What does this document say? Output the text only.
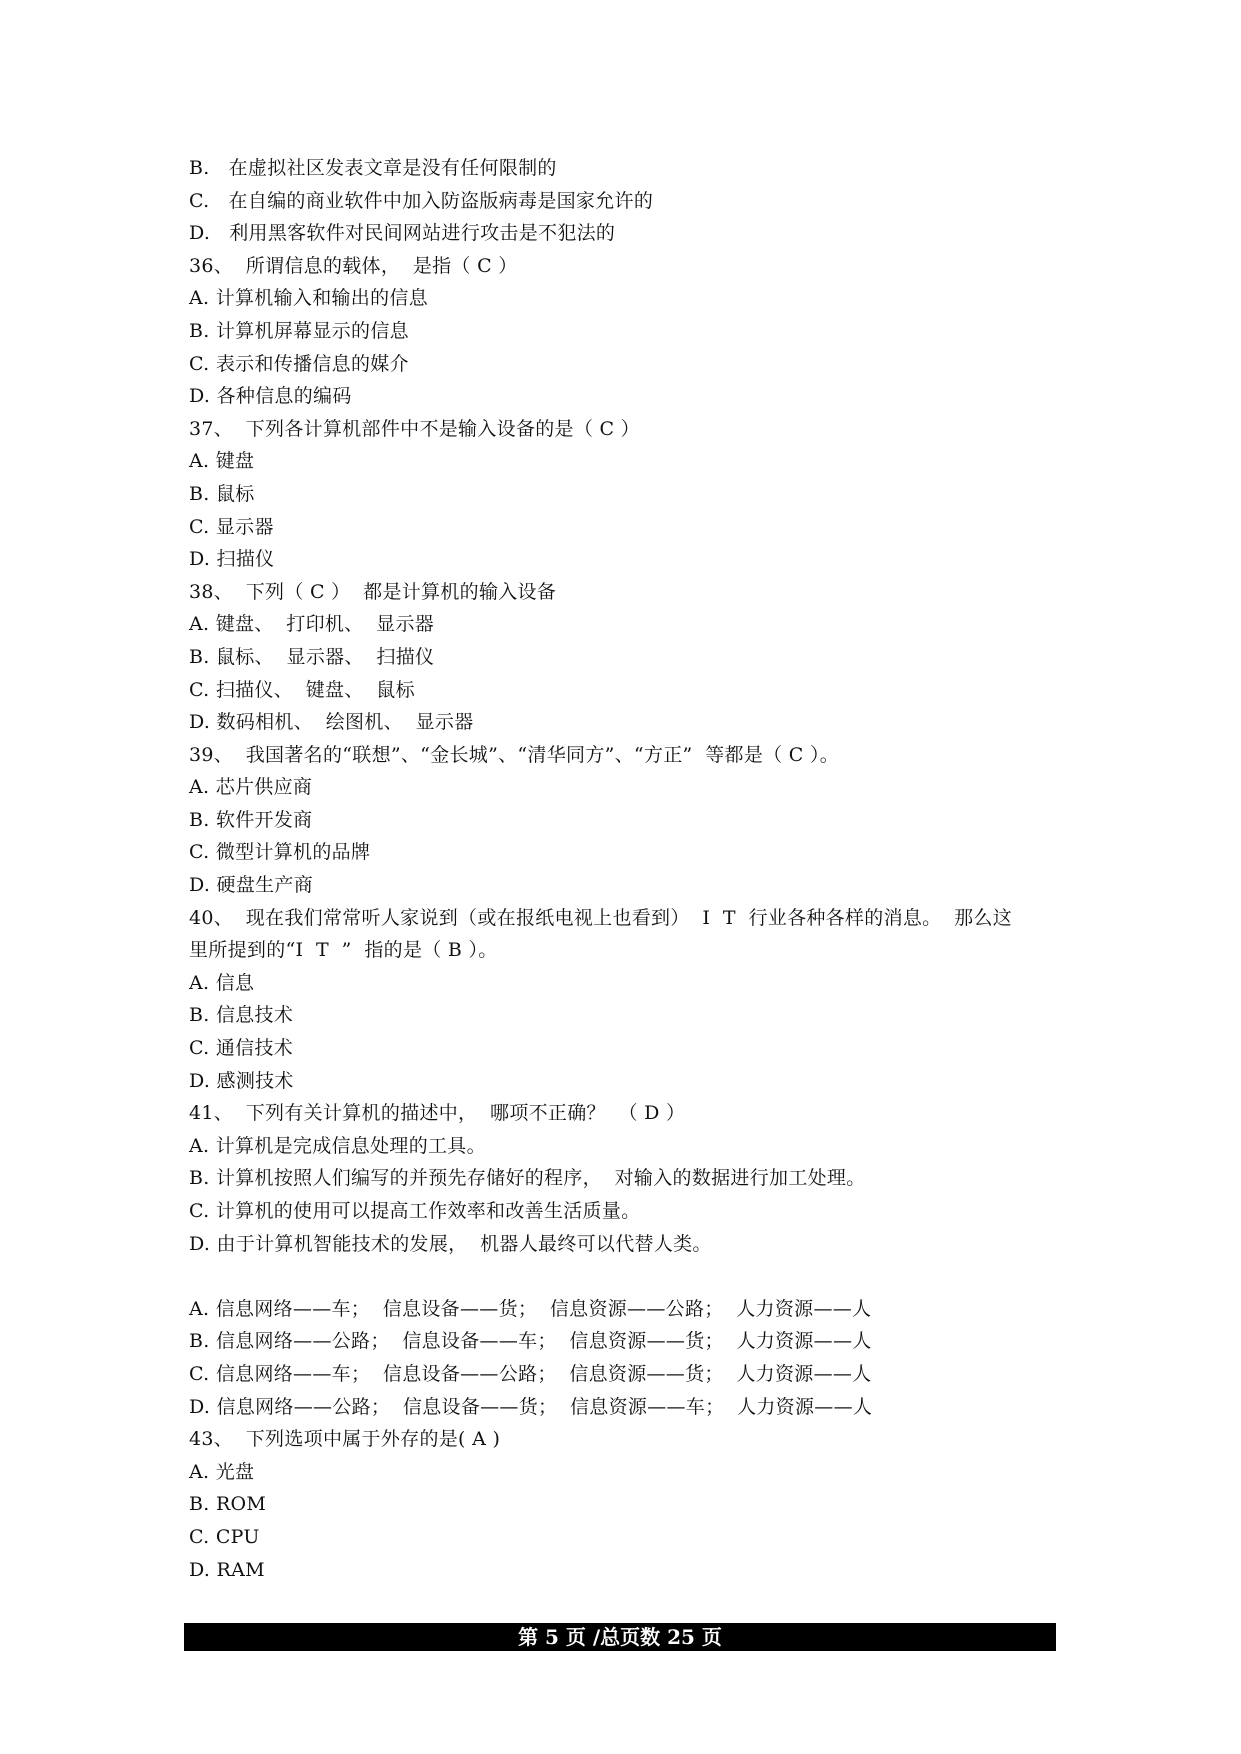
B.   在虚拟社区发表文章是没有任何限制的
C.   在自编的商业软件中加入防盗版病毒是国家允许的
D.   利用黑客软件对民间网站进行攻击是不犯法的
36、  所谓信息的载体，  是指（ C ）
A. 计算机输入和输出的信息
B. 计算机屏幕显示的信息
C. 表示和传播信息的媒介
D. 各种信息的编码
37、  下列各计算机部件中不是输入设备的是（ C ）
A. 键盘
B. 鼠标
C. 显示器
D. 扫描仪
38、  下列（ C ）  都是计算机的输入设备
A. 键盘、  打印机、  显示器
B. 鼠标、  显示器、  扫描仪
C. 扫描仪、  键盘、  鼠标
D. 数码相机、  绘图机、  显示器
39、  我国著名的“联想”、“金长城”、“清华同方”、“方正”  等都是（ C ）。
A. 芯片供应商
B. 软件开发商
C. 微型计算机的品牌
D. 硬盘生产商
40、  现在我们常常听人家说到（或在报纸电视上也看到）  I  T  行业各种各样的消息。  那么这
里所提到的“I  T  ”  指的是（ B ）。
A. 信息
B. 信息技术
C. 通信技术
D. 感测技术
41、  下列有关计算机的描述中，  哪项不正确？  （ D ）
A. 计算机是完成信息处理的工具。
B. 计算机按照人们编写的并预先存储好的程序，  对输入的数据进行加工处理。
C. 计算机的使用可以提高工作效率和改善生活质量。
D. 由于计算机智能技术的发展，  机器人最终可以代替人类。
A. 信息网络——车；  信息设备——货；  信息资源——公路；  人力资源——人
B. 信息网络——公路；  信息设备——车；  信息资源——货；  人力资源——人
C. 信息网络——车；  信息设备——公路；  信息资源——货；  人力资源——人
D. 信息网络——公路；  信息设备——货；  信息资源——车；  人力资源——人
43、  下列选项中属于外存的是( A )
A. 光盘
B. ROM
C. CPU
D. RAM
第 5 页 /总页数 25 页
